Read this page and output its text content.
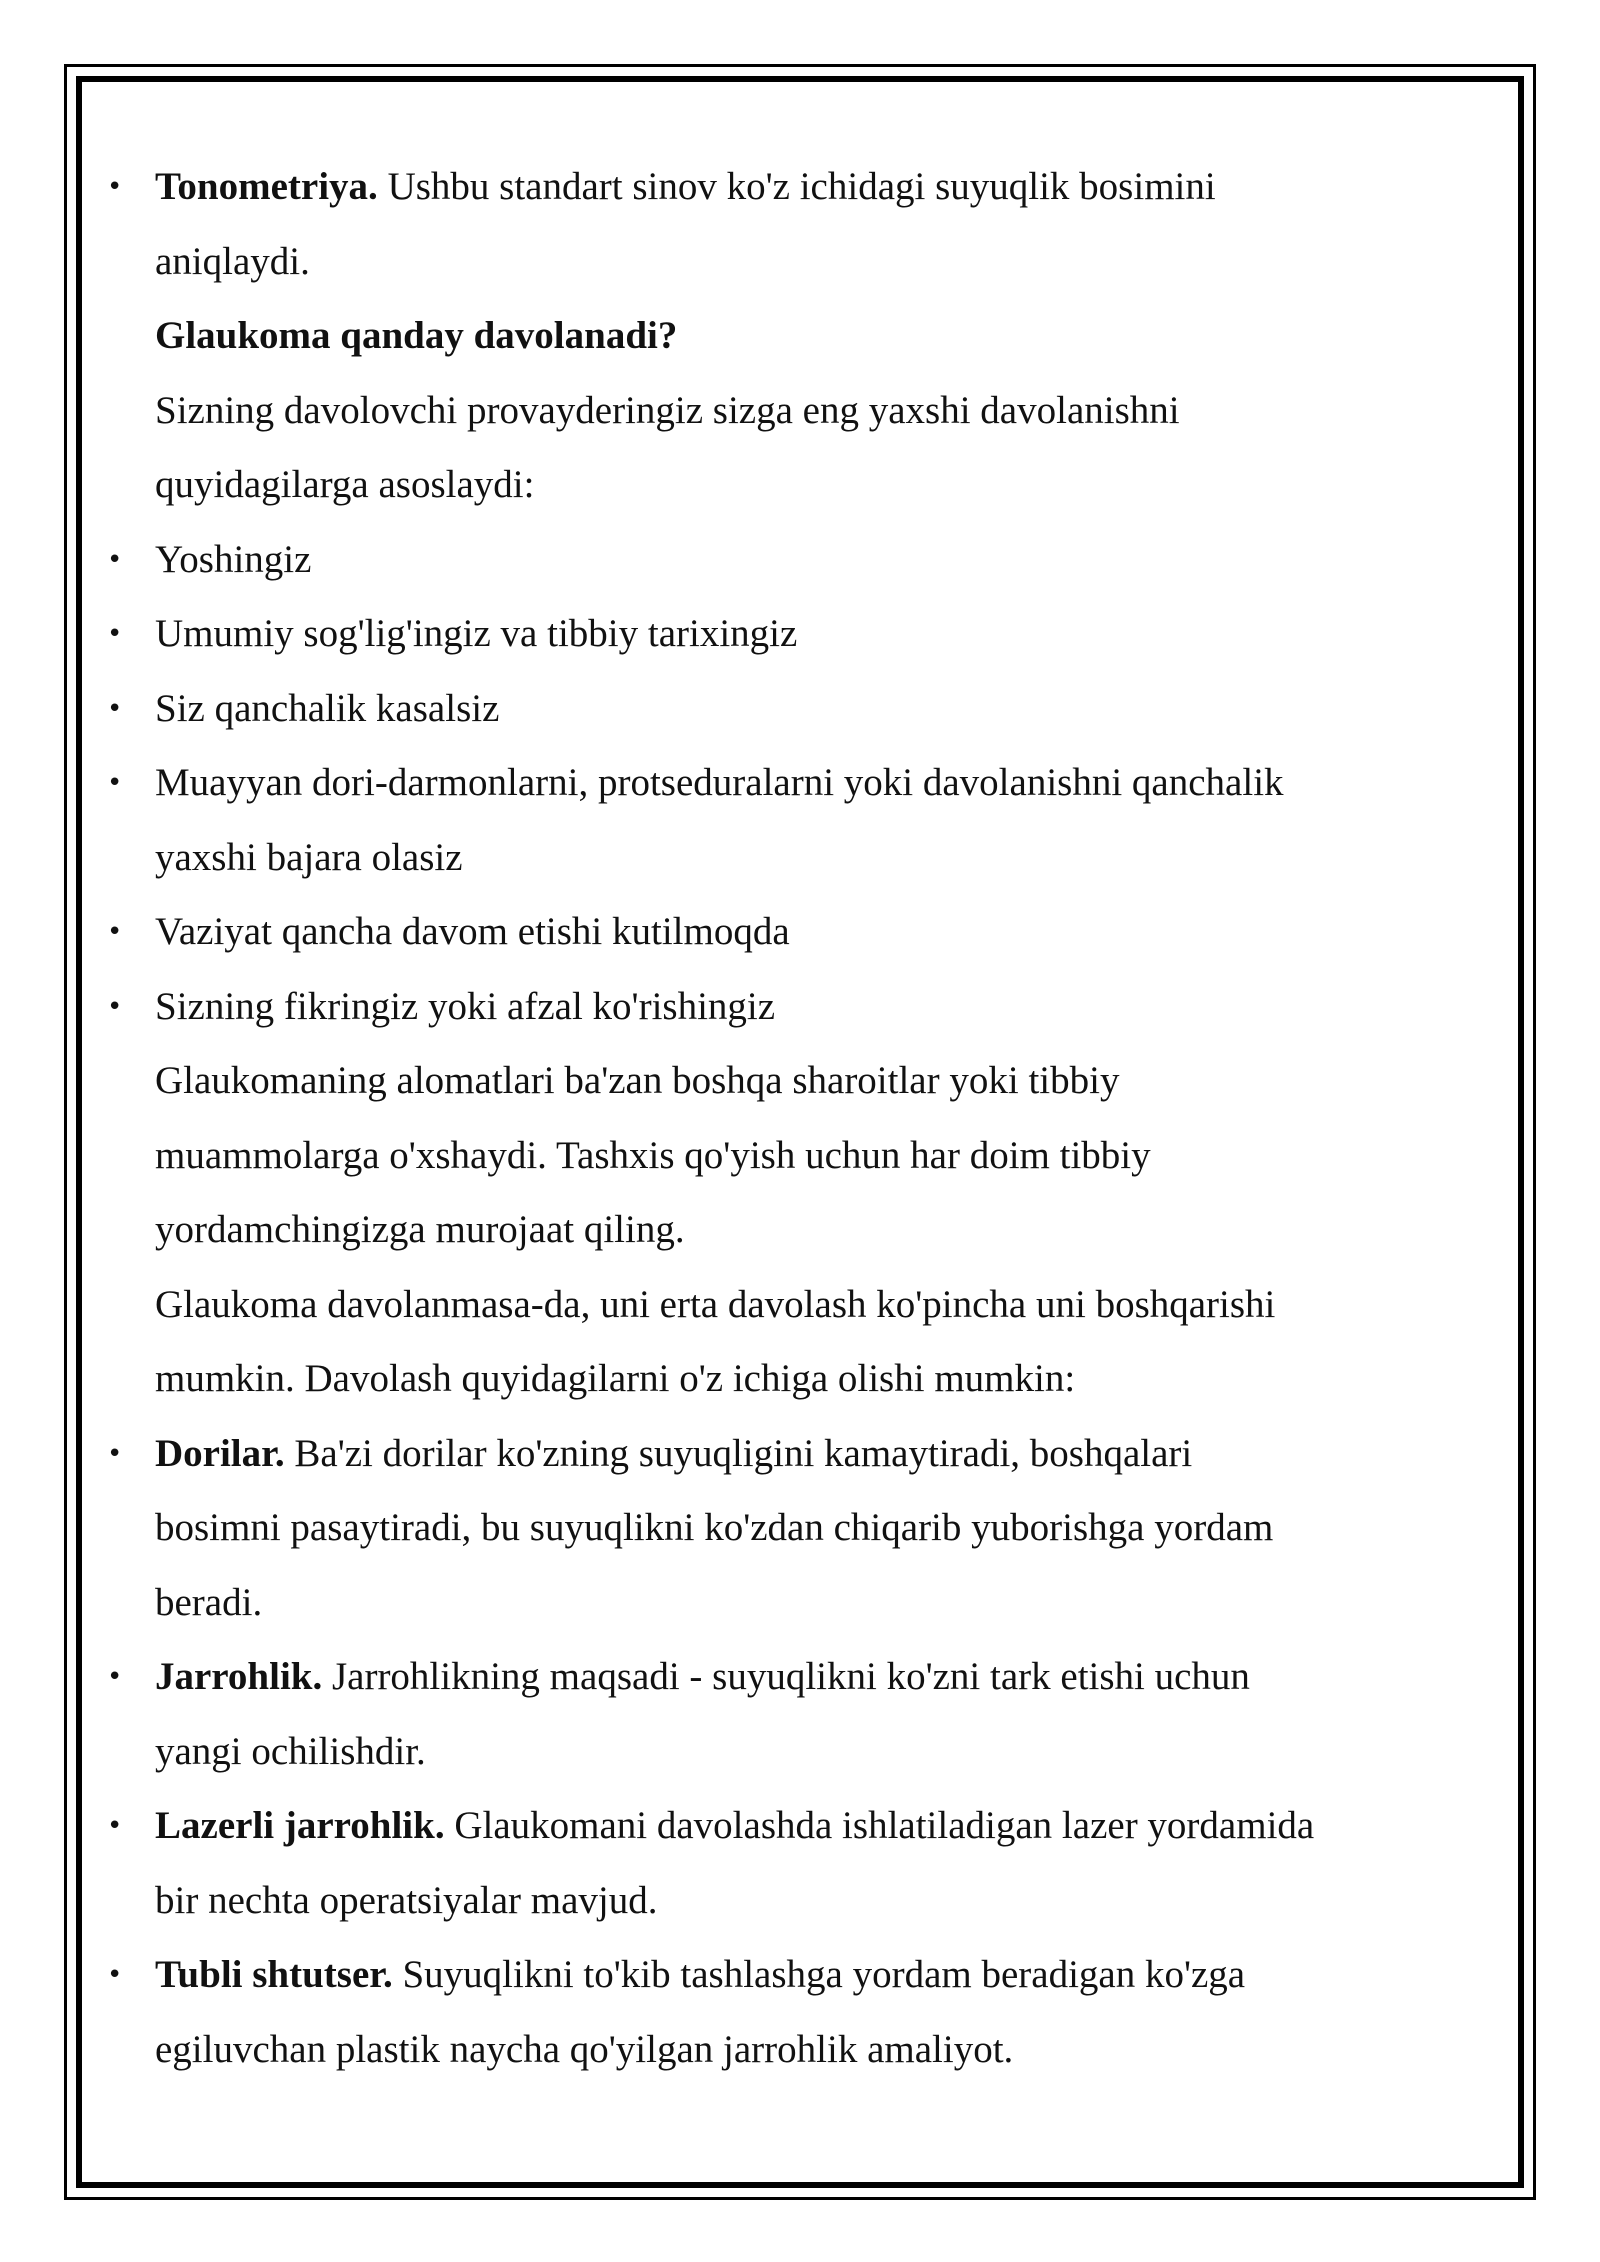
• Tonometriya. Ushbu standart sinov ko'z ichidagi suyuqlik bosimini
aniqlaydi.
Glaukoma qanday davolanadi?
Sizning davolovchi provayderingiz sizga eng yaxshi davolanishni
quyidagilarga asoslaydi:
• Yoshingiz
• Umumiy sog'lig'ingiz va tibbiy tarixingiz
• Siz qanchalik kasalsiz
• Muayyan dori-darmonlarni, protseduralarni yoki davolanishni qanchalik
yaxshi bajara olasiz
• Vaziyat qancha davom etishi kutilmoqda
• Sizning fikringiz yoki afzal ko'rishingiz
Glaukomaning alomatlari ba'zan boshqa sharoitlar yoki tibbiy
muammolarga o'xshaydi. Tashxis qo'yish uchun har doim tibbiy
yordamchingizga murojaat qiling.
Glaukoma davolanmasa-da, uni erta davolash ko'pincha uni boshqarishi
mumkin. Davolash quyidagilarni o'z ichiga olishi mumkin:
• Dorilar. Ba'zi dorilar ko'zning suyuqligini kamaytiradi, boshqalari
bosimni pasaytiradi, bu suyuqlikni ko'zdan chiqarib yuborishga yordam
beradi.
• Jarrohlik. Jarrohlikning maqsadi - suyuqlikni ko'zni tark etishi uchun
yangi ochilishdir.
• Lazerli jarrohlik. Glaukomani davolashda ishlatiladigan lazer yordamida
bir nechta operatsiyalar mavjud.
• Tubli shtutser. Suyuqlikni to'kib tashlashga yordam beradigan ko'zga
egiluvchan plastik naycha qo'yilgan jarrohlik amaliyot.
